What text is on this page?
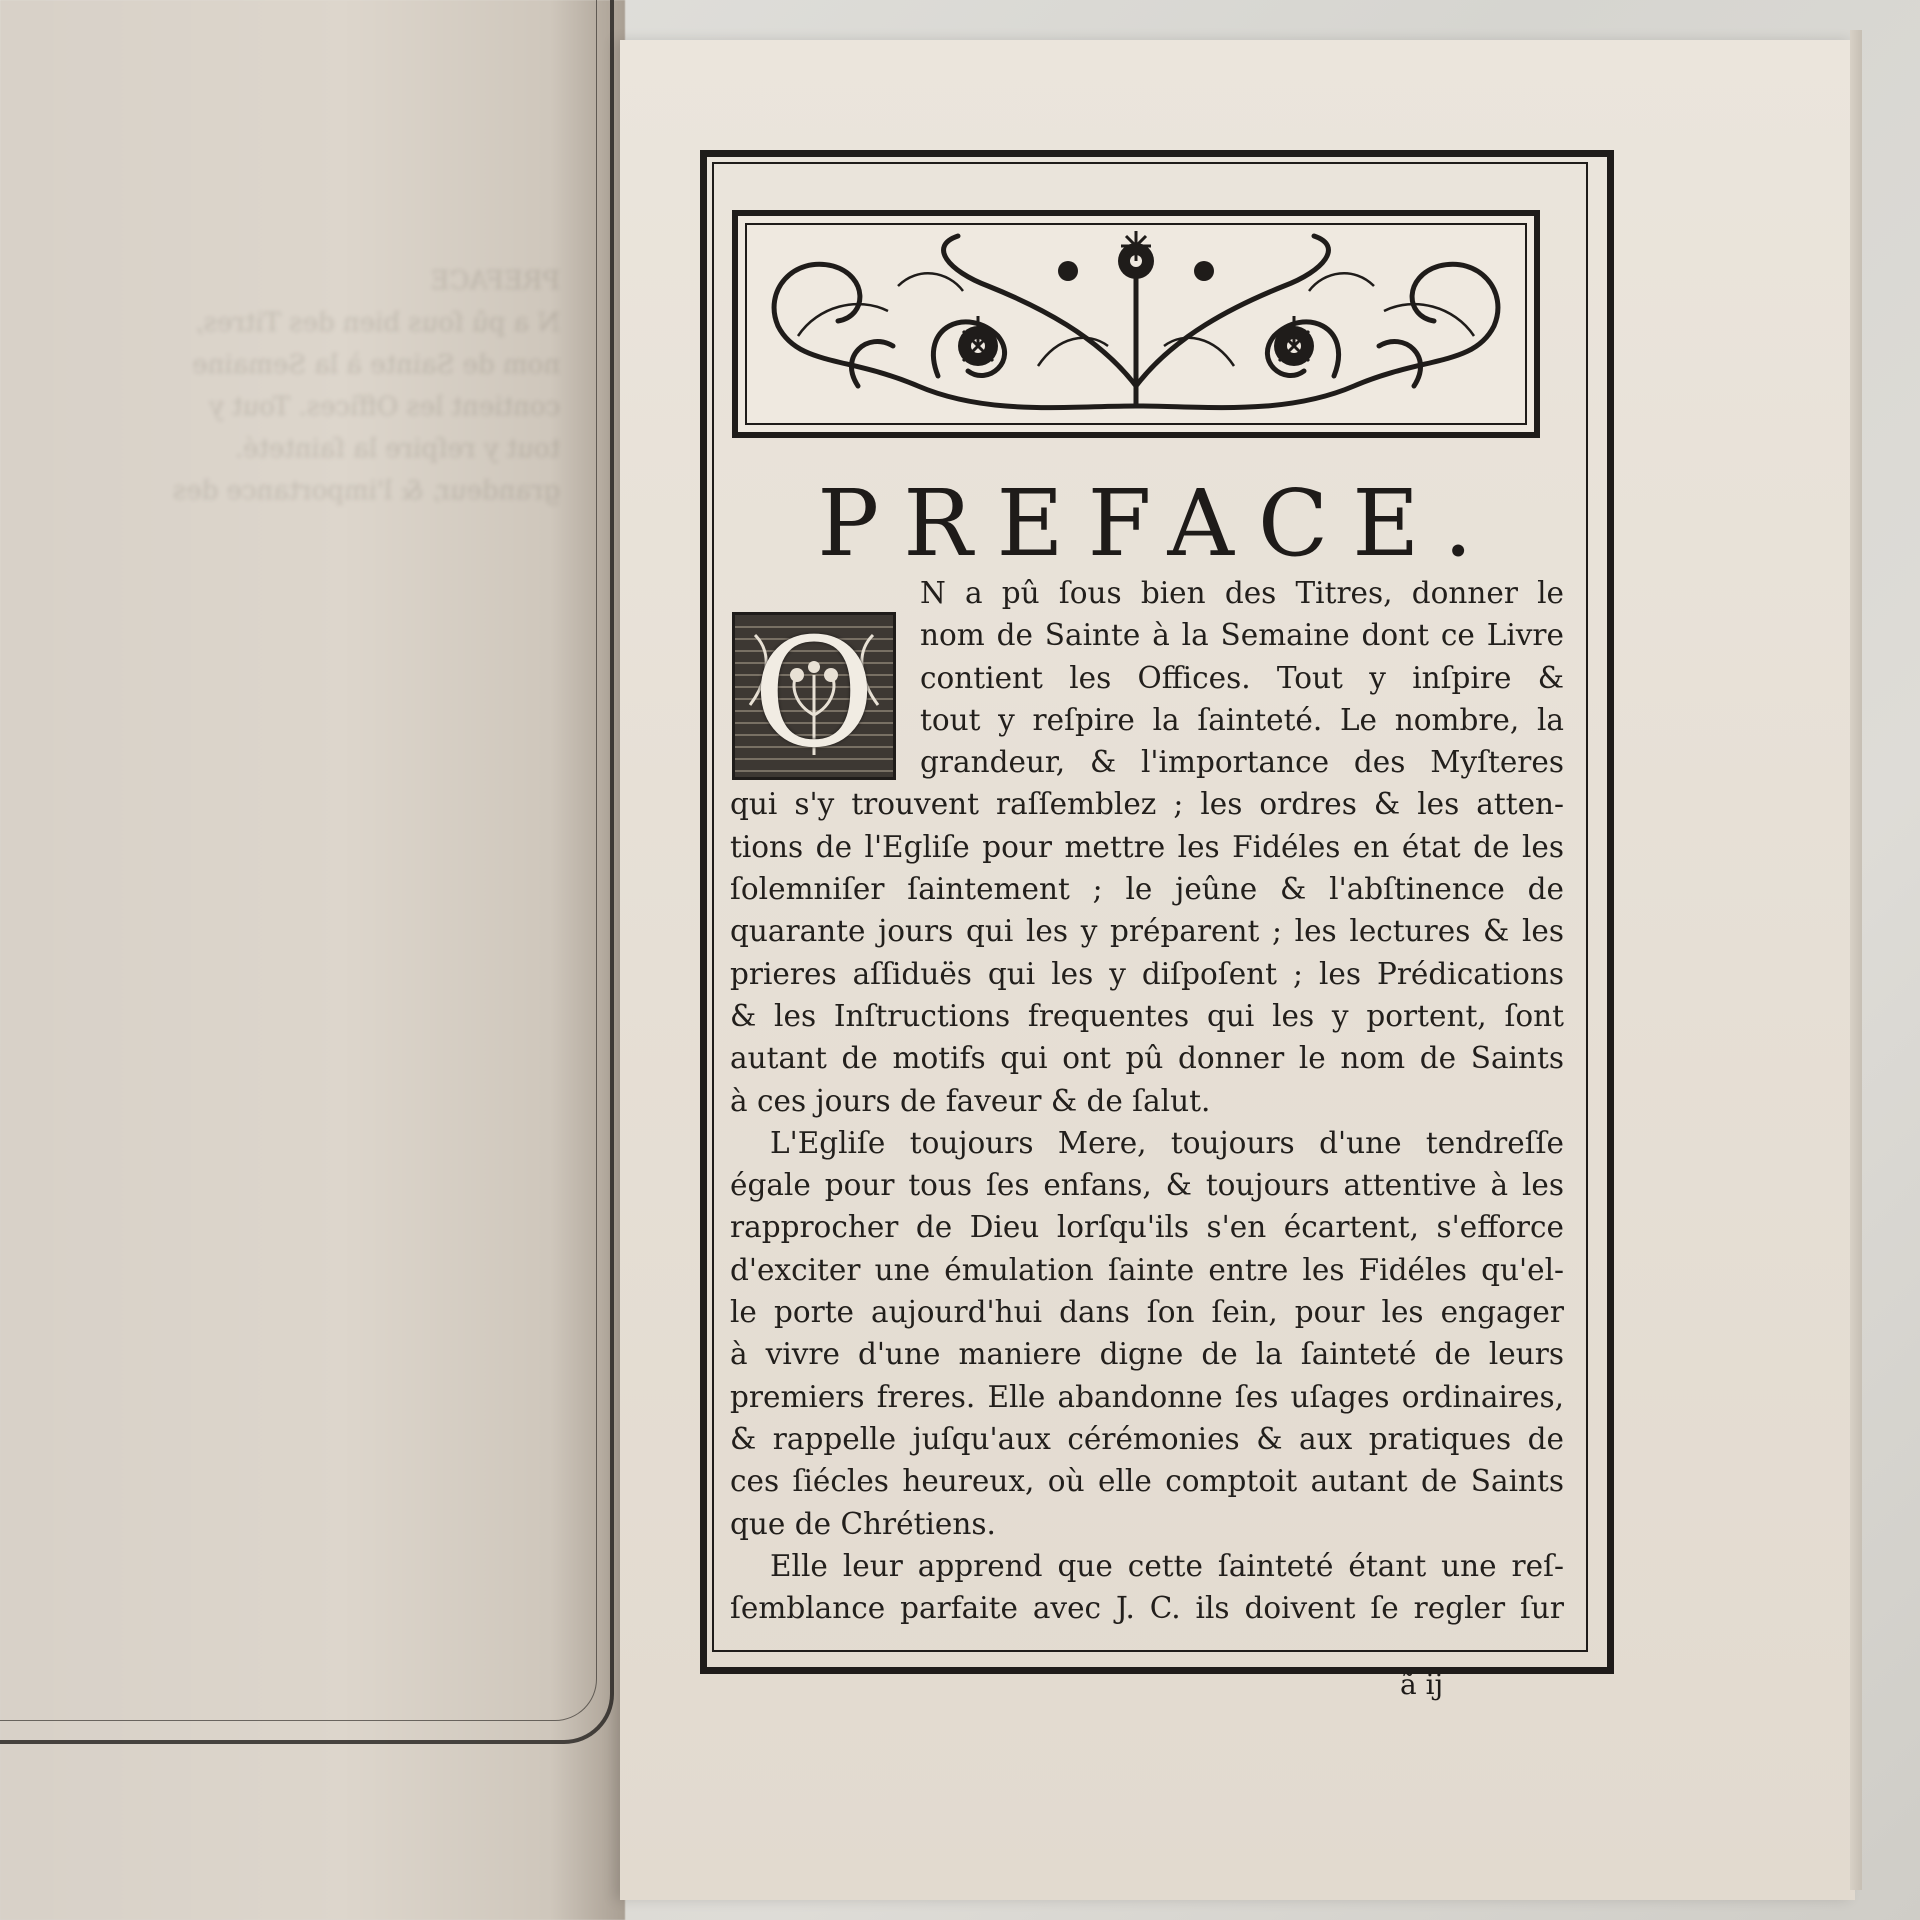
PREFACE
N a pû ſous bien des Titres,
nom de Sainte à la Semaine
contient les Offices. Tout y
tout y reſpire la ſainteté.
grandeur, & l'importance des	PREFACE.
O
N a pû ſous bien des Titres, donner le
nom de Sainte à la Semaine dont ce Livre
contient les Offices. Tout y inſpire &
tout y reſpire la ſainteté. Le nombre, la
grandeur, & l'importance des Myſteres
qui s'y trouvent raſſemblez ; les ordres & les atten-
tions de l'Egliſe pour mettre les Fidéles en état de les
ſolemniſer ſaintement ; le jeûne & l'abſtinence de
quarante jours qui les y préparent ; les lectures & les
prieres aſſiduës qui les y diſpoſent ; les Prédications
& les Inſtructions frequentes qui les y portent, ſont
autant de motifs qui ont pû donner le nom de Saints
à ces jours de faveur & de ſalut.
L'Egliſe toujours Mere, toujours d'une tendreſſe
égale pour tous ſes enfans, & toujours attentive à les
rapprocher de Dieu lorſqu'ils s'en écartent, s'efforce
d'exciter une émulation ſainte entre les Fidéles qu'el-
le porte aujourd'hui dans ſon ſein, pour les engager
à vivre d'une maniere digne de la ſainteté de leurs
premiers freres. Elle abandonne ſes uſages ordinaires,
& rappelle juſqu'aux cérémonies & aux pratiques de
ces ſiécles heureux, où elle comptoit autant de Saints
que de Chrétiens.
Elle leur apprend que cette ſainteté étant une reſ-
ſemblance parfaite avec J. C. ils doivent ſe regler ſur
ã ij
